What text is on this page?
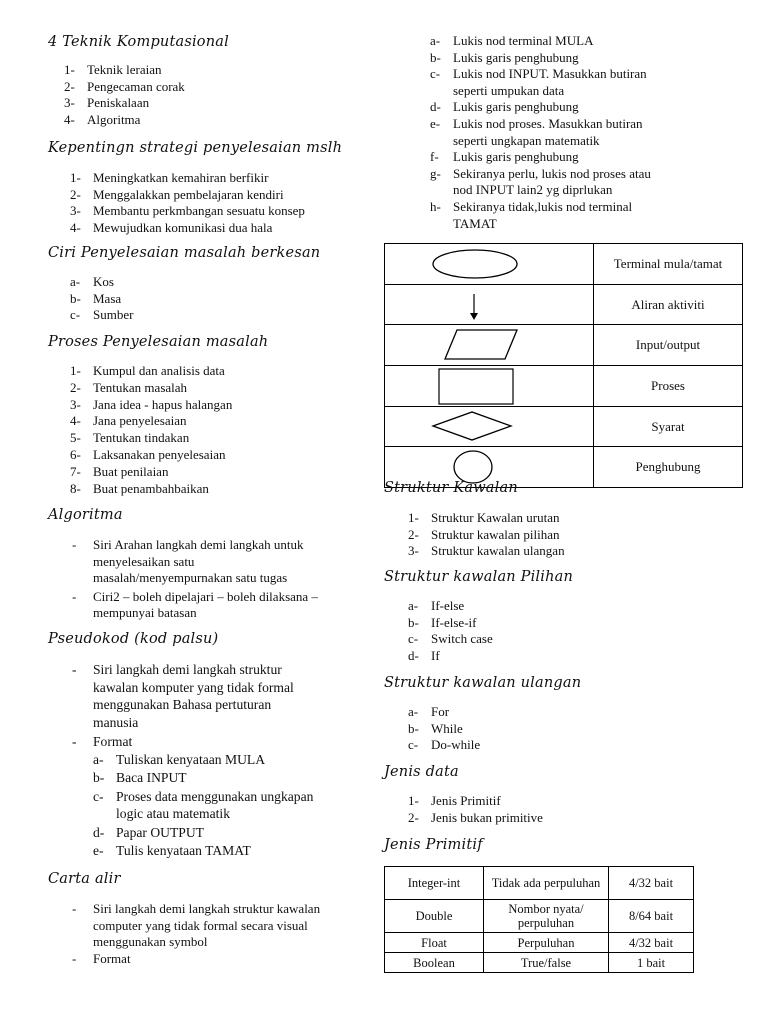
4 Teknik Komputasional
1- Teknik leraian
2- Pengecaman corak
3- Peniskalaan
4- Algoritma
Kepentingn strategi penyelesaian mslh
1- Meningkatkan kemahiran berfikir
2- Menggalakkan pembelajaran kendiri
3- Membantu perkmbangan sesuatu konsep
4- Mewujudkan komunikasi dua hala
Ciri Penyelesaian masalah berkesan
a- Kos
b- Masa
c- Sumber
Proses Penyelesaian masalah
1- Kumpul dan analisis data
2- Tentukan masalah
3- Jana idea - hapus halangan
4- Jana penyelesaian
5- Tentukan tindakan
6- Laksanakan penyelesaian
7- Buat penilaian
8- Buat penambahbaikan
Algoritma
- Siri Arahan langkah demi langkah untuk
menyelesaikan satu
masalah/menyempurnakan satu tugas
- Ciri2 – boleh dipelajari – boleh dilaksana –
mempunyai batasan
Pseudokod (kod palsu)
- Siri langkah demi langkah struktur
kawalan komputer yang tidak formal
menggunakan Bahasa pertuturan
manusia
- Format
a- Tuliskan kenyataan MULA
b- Baca INPUT
c- Proses data menggunakan ungkapan
logic atau matematik
d- Papar OUTPUT
e- Tulis kenyataan TAMAT
Carta alir
- Siri langkah demi langkah struktur kawalan
computer yang tidak formal secara visual
menggunakan symbol
- Format
a- Lukis nod terminal MULA
b- Lukis garis penghubung
c- Lukis nod INPUT. Masukkan butiran
seperti umpukan data
d- Lukis garis penghubung
e- Lukis nod proses. Masukkan butiran
seperti ungkapan matematik
f- Lukis garis penghubung
g- Sekiranya perlu, lukis nod proses atau
nod INPUT lain2 yg diprlukan
h- Sekiranya tidak,lukis nod terminal
TAMAT
	Terminal mula/tamat

	Aliran aktiviti

	Input/output

	Proses

	Syarat

	Penghubung
Struktur Kawalan
1- Struktur Kawalan urutan
2- Struktur kawalan pilihan
3- Struktur kawalan ulangan
Struktur kawalan Pilihan
a- If-else
b- If-else-if
c- Switch case
d- If
Struktur kawalan ulangan
a- For
b- While
c- Do-while
Jenis data
1- Jenis Primitif
2- Jenis bukan primitive
Jenis Primitif
Integer-int	Tidak ada perpuluhan	4/32 bait
Double	Nombor nyata/ perpuluhan	8/64 bait
Float	Perpuluhan	4/32 bait
Boolean	True/false	1 bait
